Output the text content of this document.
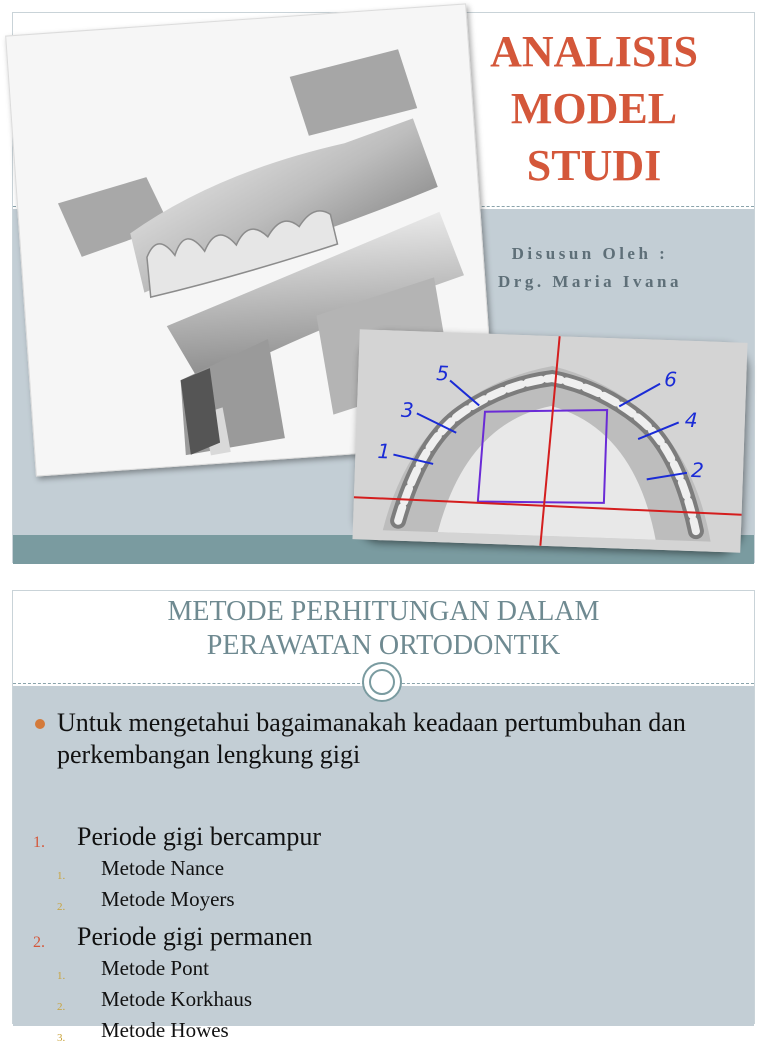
ANALISIS
MODEL
STUDI
Disusun Oleh :
Drg. Maria Ivana
5	6
3	4
1
2
METODE PERHITUNGAN DALAM
PERAWATAN ORTODONTIK
Untuk mengetahui bagaimanakah keadaan pertumbuhan dan perkembangan lengkung gigi
1. Periode gigi bercampur
1. Metode Nance
2. Metode Moyers
2. Periode gigi permanen
1. Metode Pont
2. Metode Korkhaus
3. Metode Howes
